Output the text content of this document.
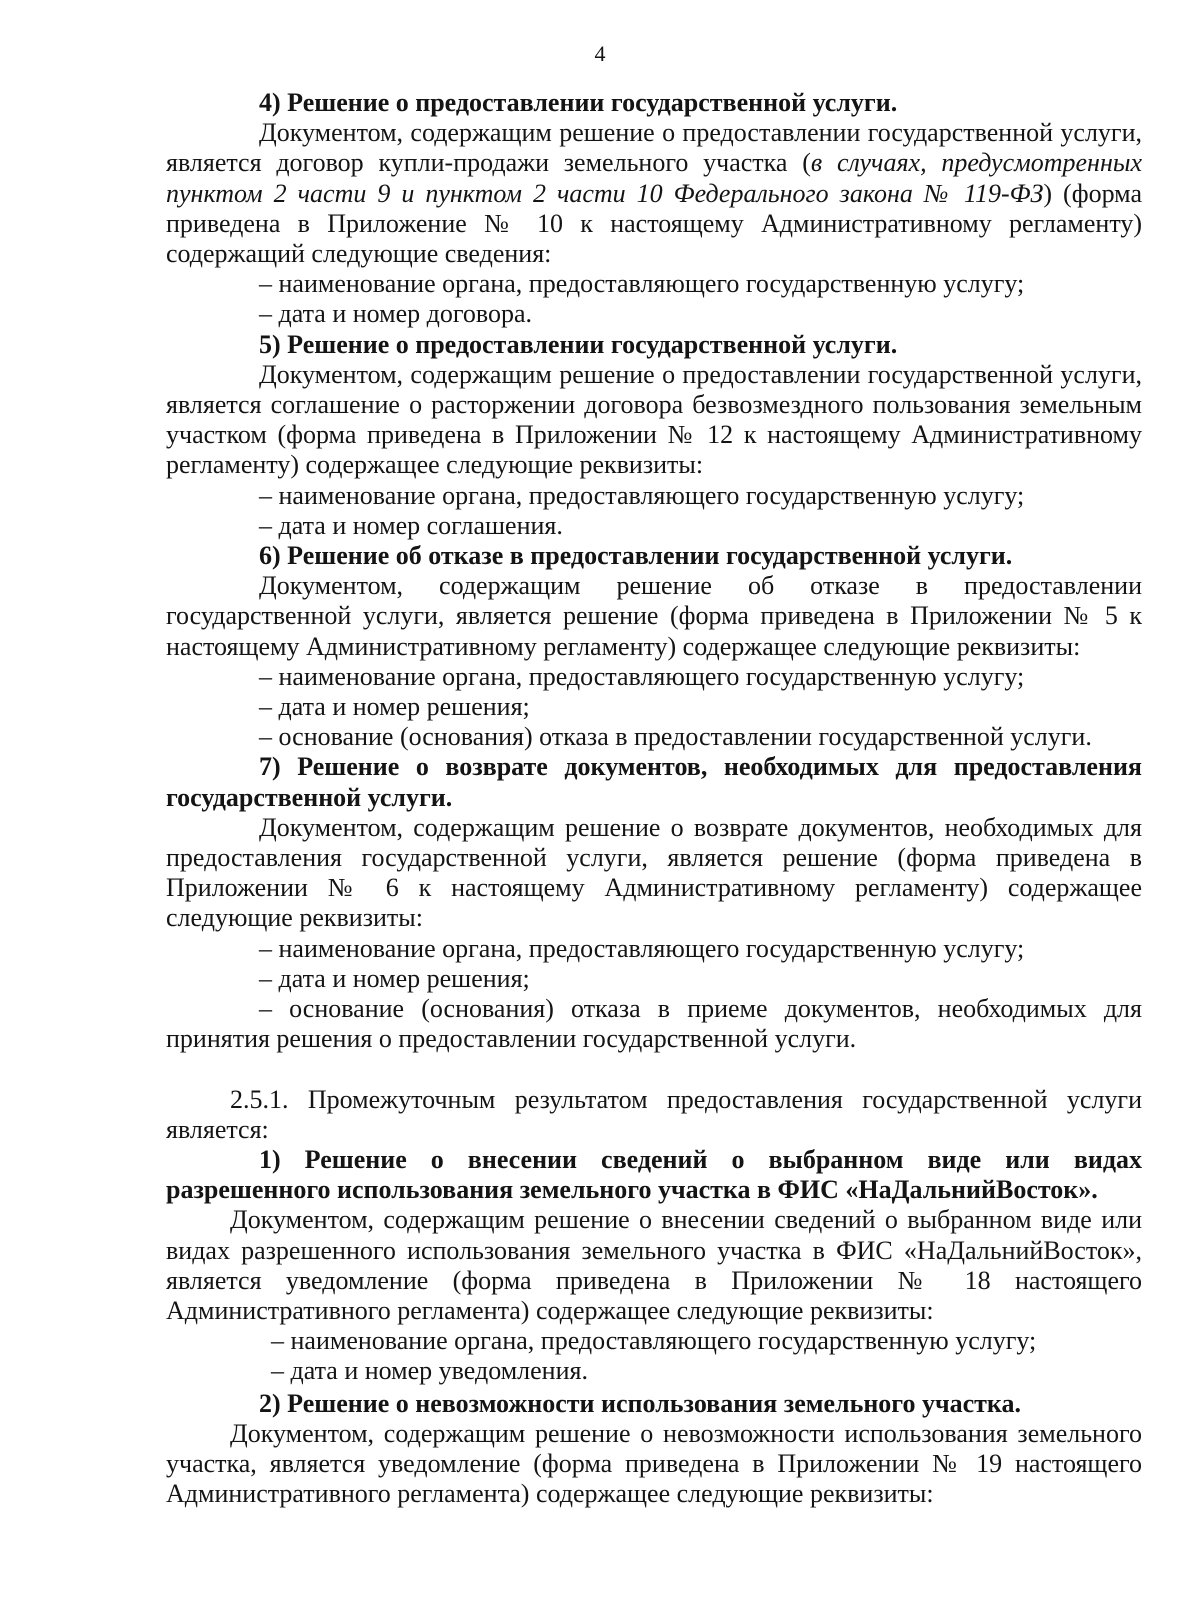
4

4) Решение о предоставлении государственной услуги.

Документом, содержащим решение о предоставлении государственной услуги, является договор купли-продажи земельного участка (в случаях, предусмотренных пунктом 2 части 9 и пунктом 2 части 10 Федерального закона № 119-ФЗ) (форма приведена в Приложение № 10 к настоящему Административному регламенту) содержащий следующие сведения:

– наименование органа, предоставляющего государственную услугу;

– дата и номер договора.

5) Решение о предоставлении государственной услуги.

Документом, содержащим решение о предоставлении государственной услуги, является соглашение о расторжении договора безвозмездного пользования земельным участком (форма приведена в Приложении № 12 к настоящему Административному регламенту) содержащее следующие реквизиты:

– наименование органа, предоставляющего государственную услугу;

– дата и номер соглашения.

6) Решение об отказе в предоставлении государственной услуги.

Документом, содержащим решение об отказе в предоставлении государственной услуги, является решение (форма приведена в Приложении № 5 к настоящему Административному регламенту) содержащее следующие реквизиты:

– наименование органа, предоставляющего государственную услугу;

– дата и номер решения;

– основание (основания) отказа в предоставлении государственной услуги.

7) Решение о возврате документов, необходимых для предоставления государственной услуги.

Документом, содержащим решение о возврате документов, необходимых для предоставления государственной услуги, является решение (форма приведена в Приложении № 6 к настоящему Административному регламенту) содержащее следующие реквизиты:

– наименование органа, предоставляющего государственную услугу;

– дата и номер решения;

– основание (основания) отказа в приеме документов, необходимых для принятия решения о предоставлении государственной услуги.

2.5.1. Промежуточным результатом предоставления государственной услуги является:

1) Решение о внесении сведений о выбранном виде или видах разрешенного использования земельного участка в ФИС «НаДальнийВосток».

Документом, содержащим решение о внесении сведений о выбранном виде или видах разрешенного использования земельного участка в ФИС «НаДальнийВосток», является уведомление (форма приведена в Приложении № 18 настоящего Административного регламента) содержащее следующие реквизиты:

– наименование органа, предоставляющего государственную услугу;

– дата и номер уведомления.

2) Решение о невозможности использования земельного участка.

Документом, содержащим решение о невозможности использования земельного участка, является уведомление (форма приведена в Приложении № 19 настоящего Административного регламента) содержащее следующие реквизиты:
